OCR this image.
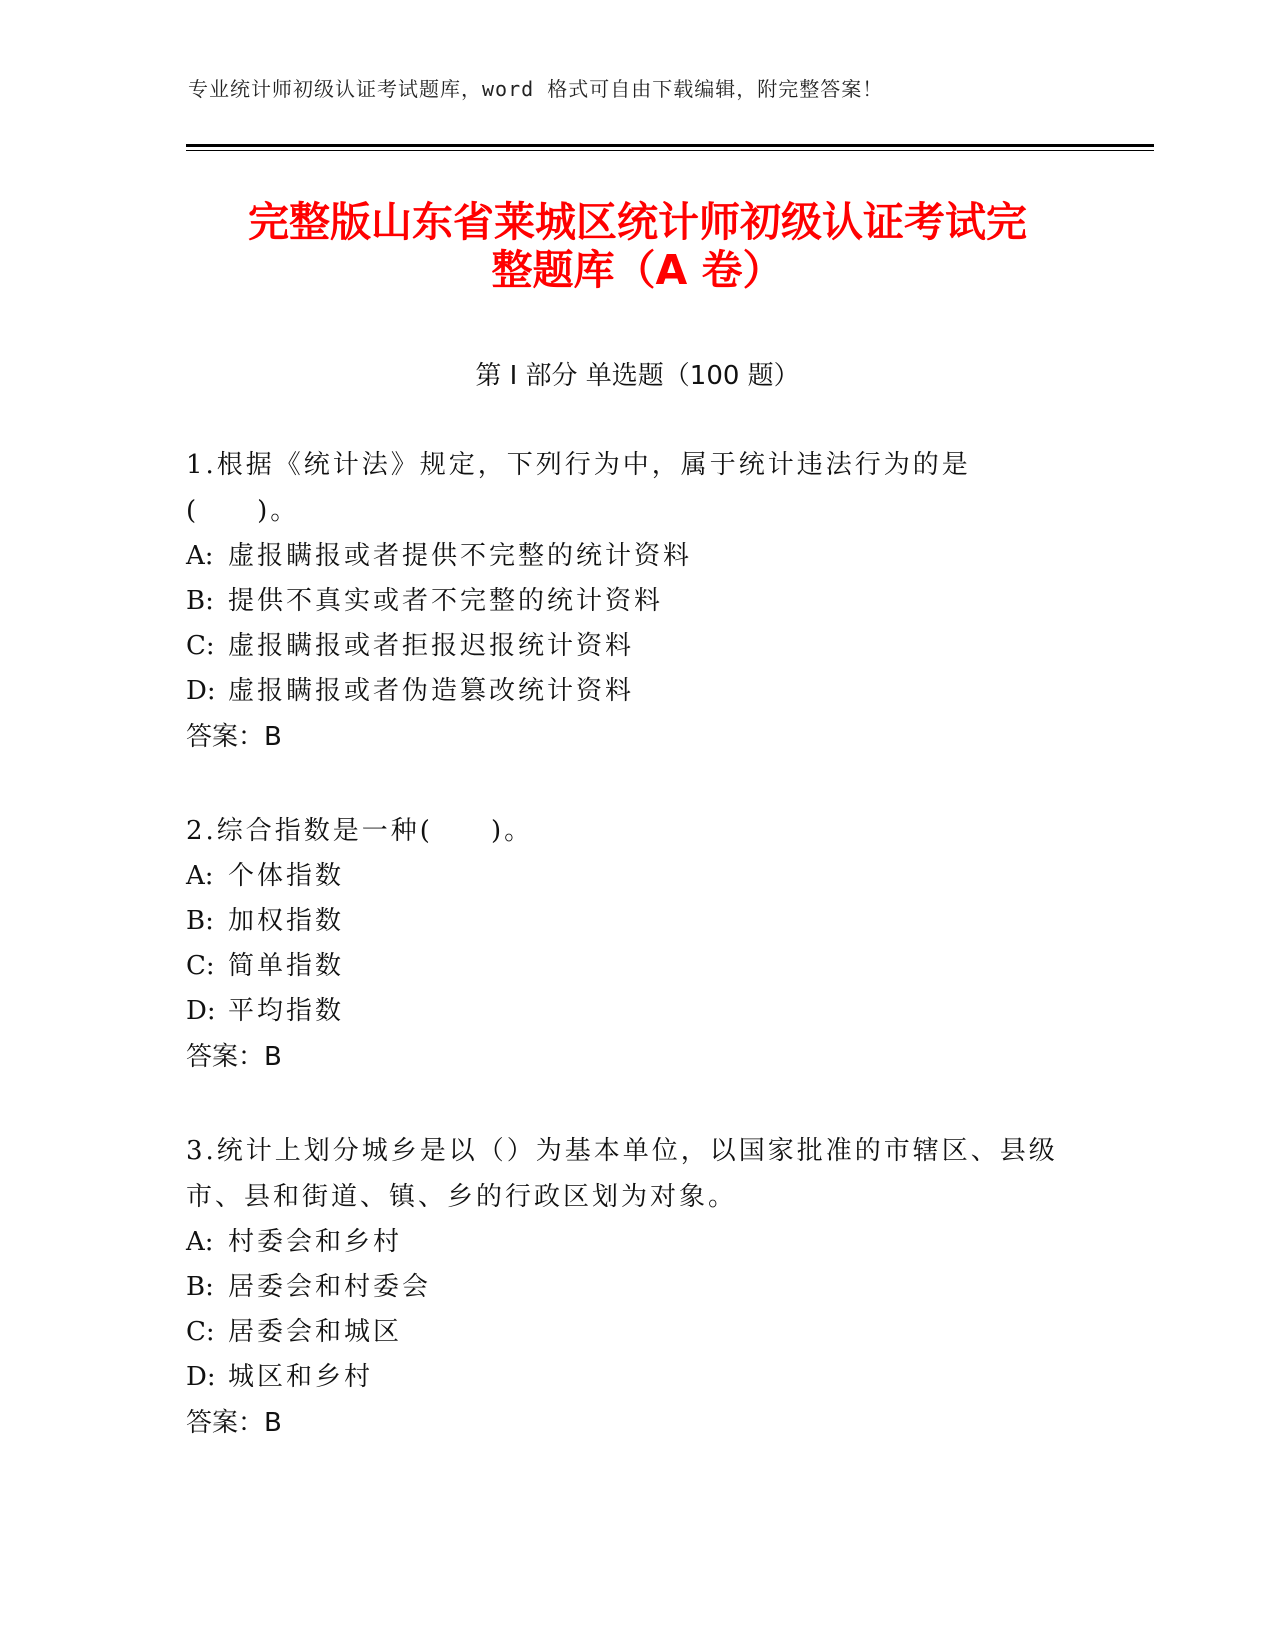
专业统计师初级认证考试题库，word 格式可自由下载编辑，附完整答案！
完整版山东省莱城区统计师初级认证考试完
整题库（A 卷）
第 I 部分 单选题（100 题）

1.根据《统计法》规定，下列行为中，属于统计违法行为的是(　　)。

A: 虚报瞒报或者提供不完整的统计资料
B: 提供不真实或者不完整的统计资料
C: 虚报瞒报或者拒报迟报统计资料
D: 虚报瞒报或者伪造篡改统计资料
答案：B

2.综合指数是一种(　　)。

A: 个体指数
B: 加权指数
C: 简单指数
D: 平均指数
答案：B

3.统计上划分城乡是以（）为基本单位，以国家批准的市辖区、县级市、县和街道、镇、乡的行政区划为对象。

A: 村委会和乡村
B: 居委会和村委会
C: 居委会和城区
D: 城区和乡村
答案：B
